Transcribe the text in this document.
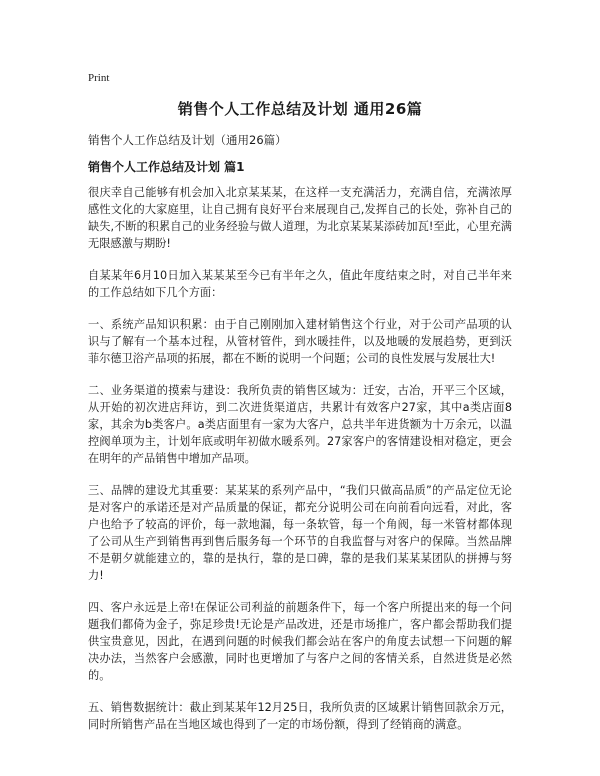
Print
销售个人工作总结及计划 通用26篇
销售个人工作总结及计划（通用26篇）
销售个人工作总结及计划 篇1

很庆幸自己能够有机会加入北京某某某，在这样一支充满活力，充满自信，充满浓厚感性文化的大家庭里，让自己拥有良好平台来展现自己,发挥自己的长处，弥补自己的缺失,不断的积累自己的业务经验与做人道理，为北京某某某添砖加瓦!至此，心里充满无限感激与期盼!

自某某年6月10日加入某某某至今已有半年之久，值此年度结束之时，对自己半年来的工作总结如下几个方面：

一、系统产品知识积累：由于自己刚刚加入建材销售这个行业，对于公司产品项的认识与了解有一个基本过程，从管材管件，到水暖挂件，以及地暖的发展趋势，更到沃菲尔德卫浴产品项的拓展，都在不断的说明一个问题；公司的良性发展与发展壮大!

二、业务渠道的摸索与建设：我所负责的销售区域为：迁安，古冶，开平三个区域，从开始的初次进店拜访，到二次进货渠道店，共累计有效客户27家，其中a类店面8家，其余为b类客户。a类店面里有一家为大客户，总共半年进货额为十万余元，以温控阀单项为主，计划年底或明年初做水暖系列。27家客户的客情建设相对稳定，更会在明年的产品销售中增加产品项。

三、品牌的建设尤其重要：某某某的系列产品中，“我们只做高品质”的产品定位无论是对客户的承诺还是对产品质量的保证，都充分说明公司在向前看向远看，对此，客户也给予了较高的评价，每一款地漏，每一条软管，每一个角阀，每一米管材都体现了公司从生产到销售再到售后服务每一个环节的自我监督与对客户的保障。当然品牌不是朝夕就能建立的，靠的是执行，靠的是口碑，靠的是我们某某某团队的拼搏与努力!

四、客户永远是上帝!在保证公司利益的前题条件下，每一个客户所提出来的每一个问题我们都倚为金子，弥足珍贵!无论是产品改进，还是市场推广，客户都会帮助我们提供宝贵意见，因此，在遇到问题的时候我们都会站在客户的角度去试想一下问题的解决办法，当然客户会感激，同时也更增加了与客户之间的客情关系，自然进货是必然的。

五、销售数据统计：截止到某某年12月25日，我所负责的区域累计销售回款余万元，同时所销售产品在当地区域也得到了一定的市场份额，得到了经销商的满意。
